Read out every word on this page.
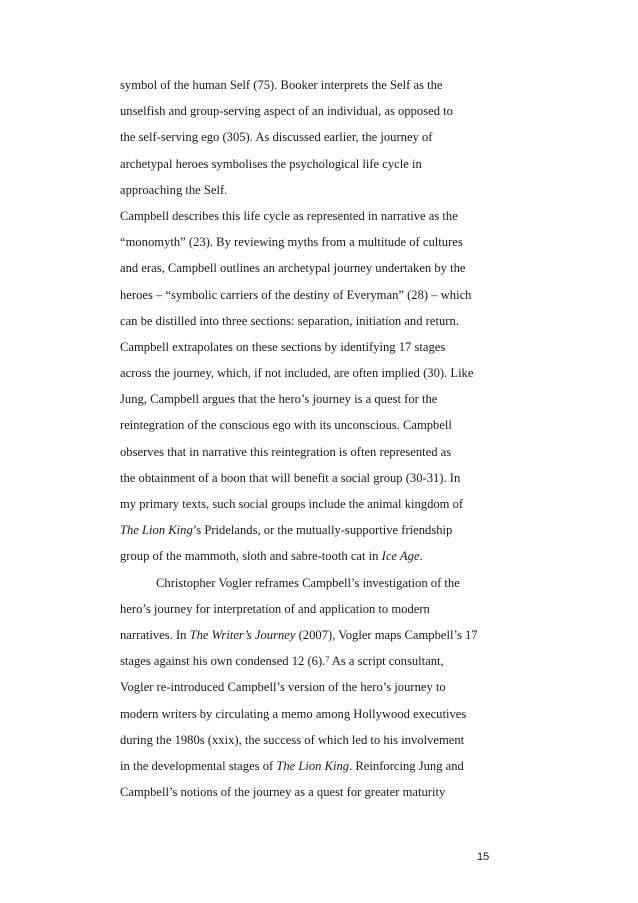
symbol of the human Self (75). Booker interprets the Self as the
unselfish and group-serving aspect of an individual, as opposed to
the self-serving ego (305). As discussed earlier, the journey of
archetypal heroes symbolises the psychological life cycle in
approaching the Self.
Campbell describes this life cycle as represented in narrative as the
“monomyth” (23). By reviewing myths from a multitude of cultures
and eras, Campbell outlines an archetypal journey undertaken by the
heroes – “symbolic carriers of the destiny of Everyman” (28) – which
can be distilled into three sections: separation, initiation and return.
Campbell extrapolates on these sections by identifying 17 stages
across the journey, which, if not included, are often implied (30). Like
Jung, Campbell argues that the hero’s journey is a quest for the
reintegration of the conscious ego with its unconscious. Campbell
observes that in narrative this reintegration is often represented as
the obtainment of a boon that will benefit a social group (30-31). In
my primary texts, such social groups include the animal kingdom of
The Lion King’s Pridelands, or the mutually-supportive friendship
group of the mammoth, sloth and sabre-tooth cat in Ice Age.
Christopher Vogler reframes Campbell’s investigation of the
hero’s journey for interpretation of and application to modern
narratives. In The Writer’s Journey (2007), Vogler maps Campbell’s 17
stages against his own condensed 12 (6).$^7$ As a script consultant,
Vogler re-introduced Campbell’s version of the hero’s journey to
modern writers by circulating a memo among Hollywood executives
during the 1980s (xxix), the success of which led to his involvement
in the developmental stages of The Lion King. Reinforcing Jung and
Campbell’s notions of the journey as a quest for greater maturity
15
